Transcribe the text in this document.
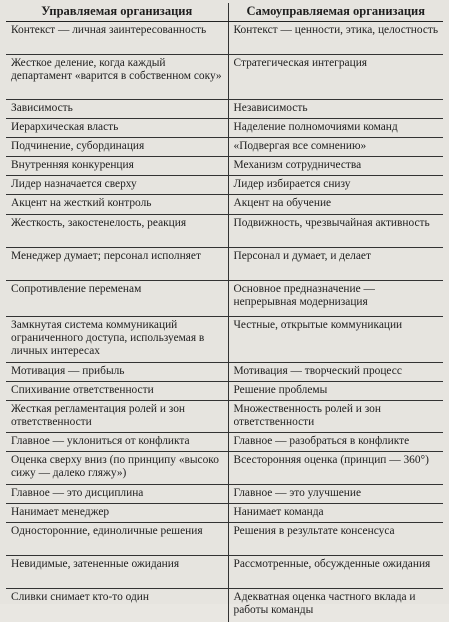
Управляемая организация	Самоуправляемая организация
Контекст — личная заинтересованность	Контекст — ценности, этика, целостность
Жесткое деление, когда каждый департамент «варится в собственном соку»	Стратегическая интеграция
Зависимость	Независимость
Иерархическая власть	Наделение полномочиями команд
Подчинение, субординация	«Подвергая все сомнению»
Внутренняя конкуренция	Механизм сотрудничества
Лидер назначается сверху	Лидер избирается снизу
Акцент на жесткий контроль	Акцент на обучение
Жесткость, закостенелость, реакция	Подвижность, чрезвычайная активность
Менеджер думает; персонал исполняет	Персонал и думает, и делает
Сопротивление переменам	Основное предназначение — непрерывная модернизация
Замкнутая система коммуникаций ограниченного доступа, используемая в личных интересах	Честные, открытые коммуникации
Мотивация — прибыль	Мотивация — творческий процесс
Спихивание ответственности	Решение проблемы
Жесткая регламентация ролей и зон ответственности	Множественность ролей и зон ответственности
Главное — уклониться от конфликта	Главное — разобраться в конфликте
Оценка сверху вниз (по принципу «высоко сижу — далеко гляжу»)	Всесторонняя оценка (принцип — 360°)
Главное — это дисциплина	Главное — это улучшение
Нанимает менеджер	Нанимает команда
Односторонние, единоличные решения	Решения в результате консенсуса
Невидимые, затененные ожидания	Рассмотренные, обсужденные ожидания
Сливки снимает кто-то один	Адекватная оценка частного вклада и работы команды
